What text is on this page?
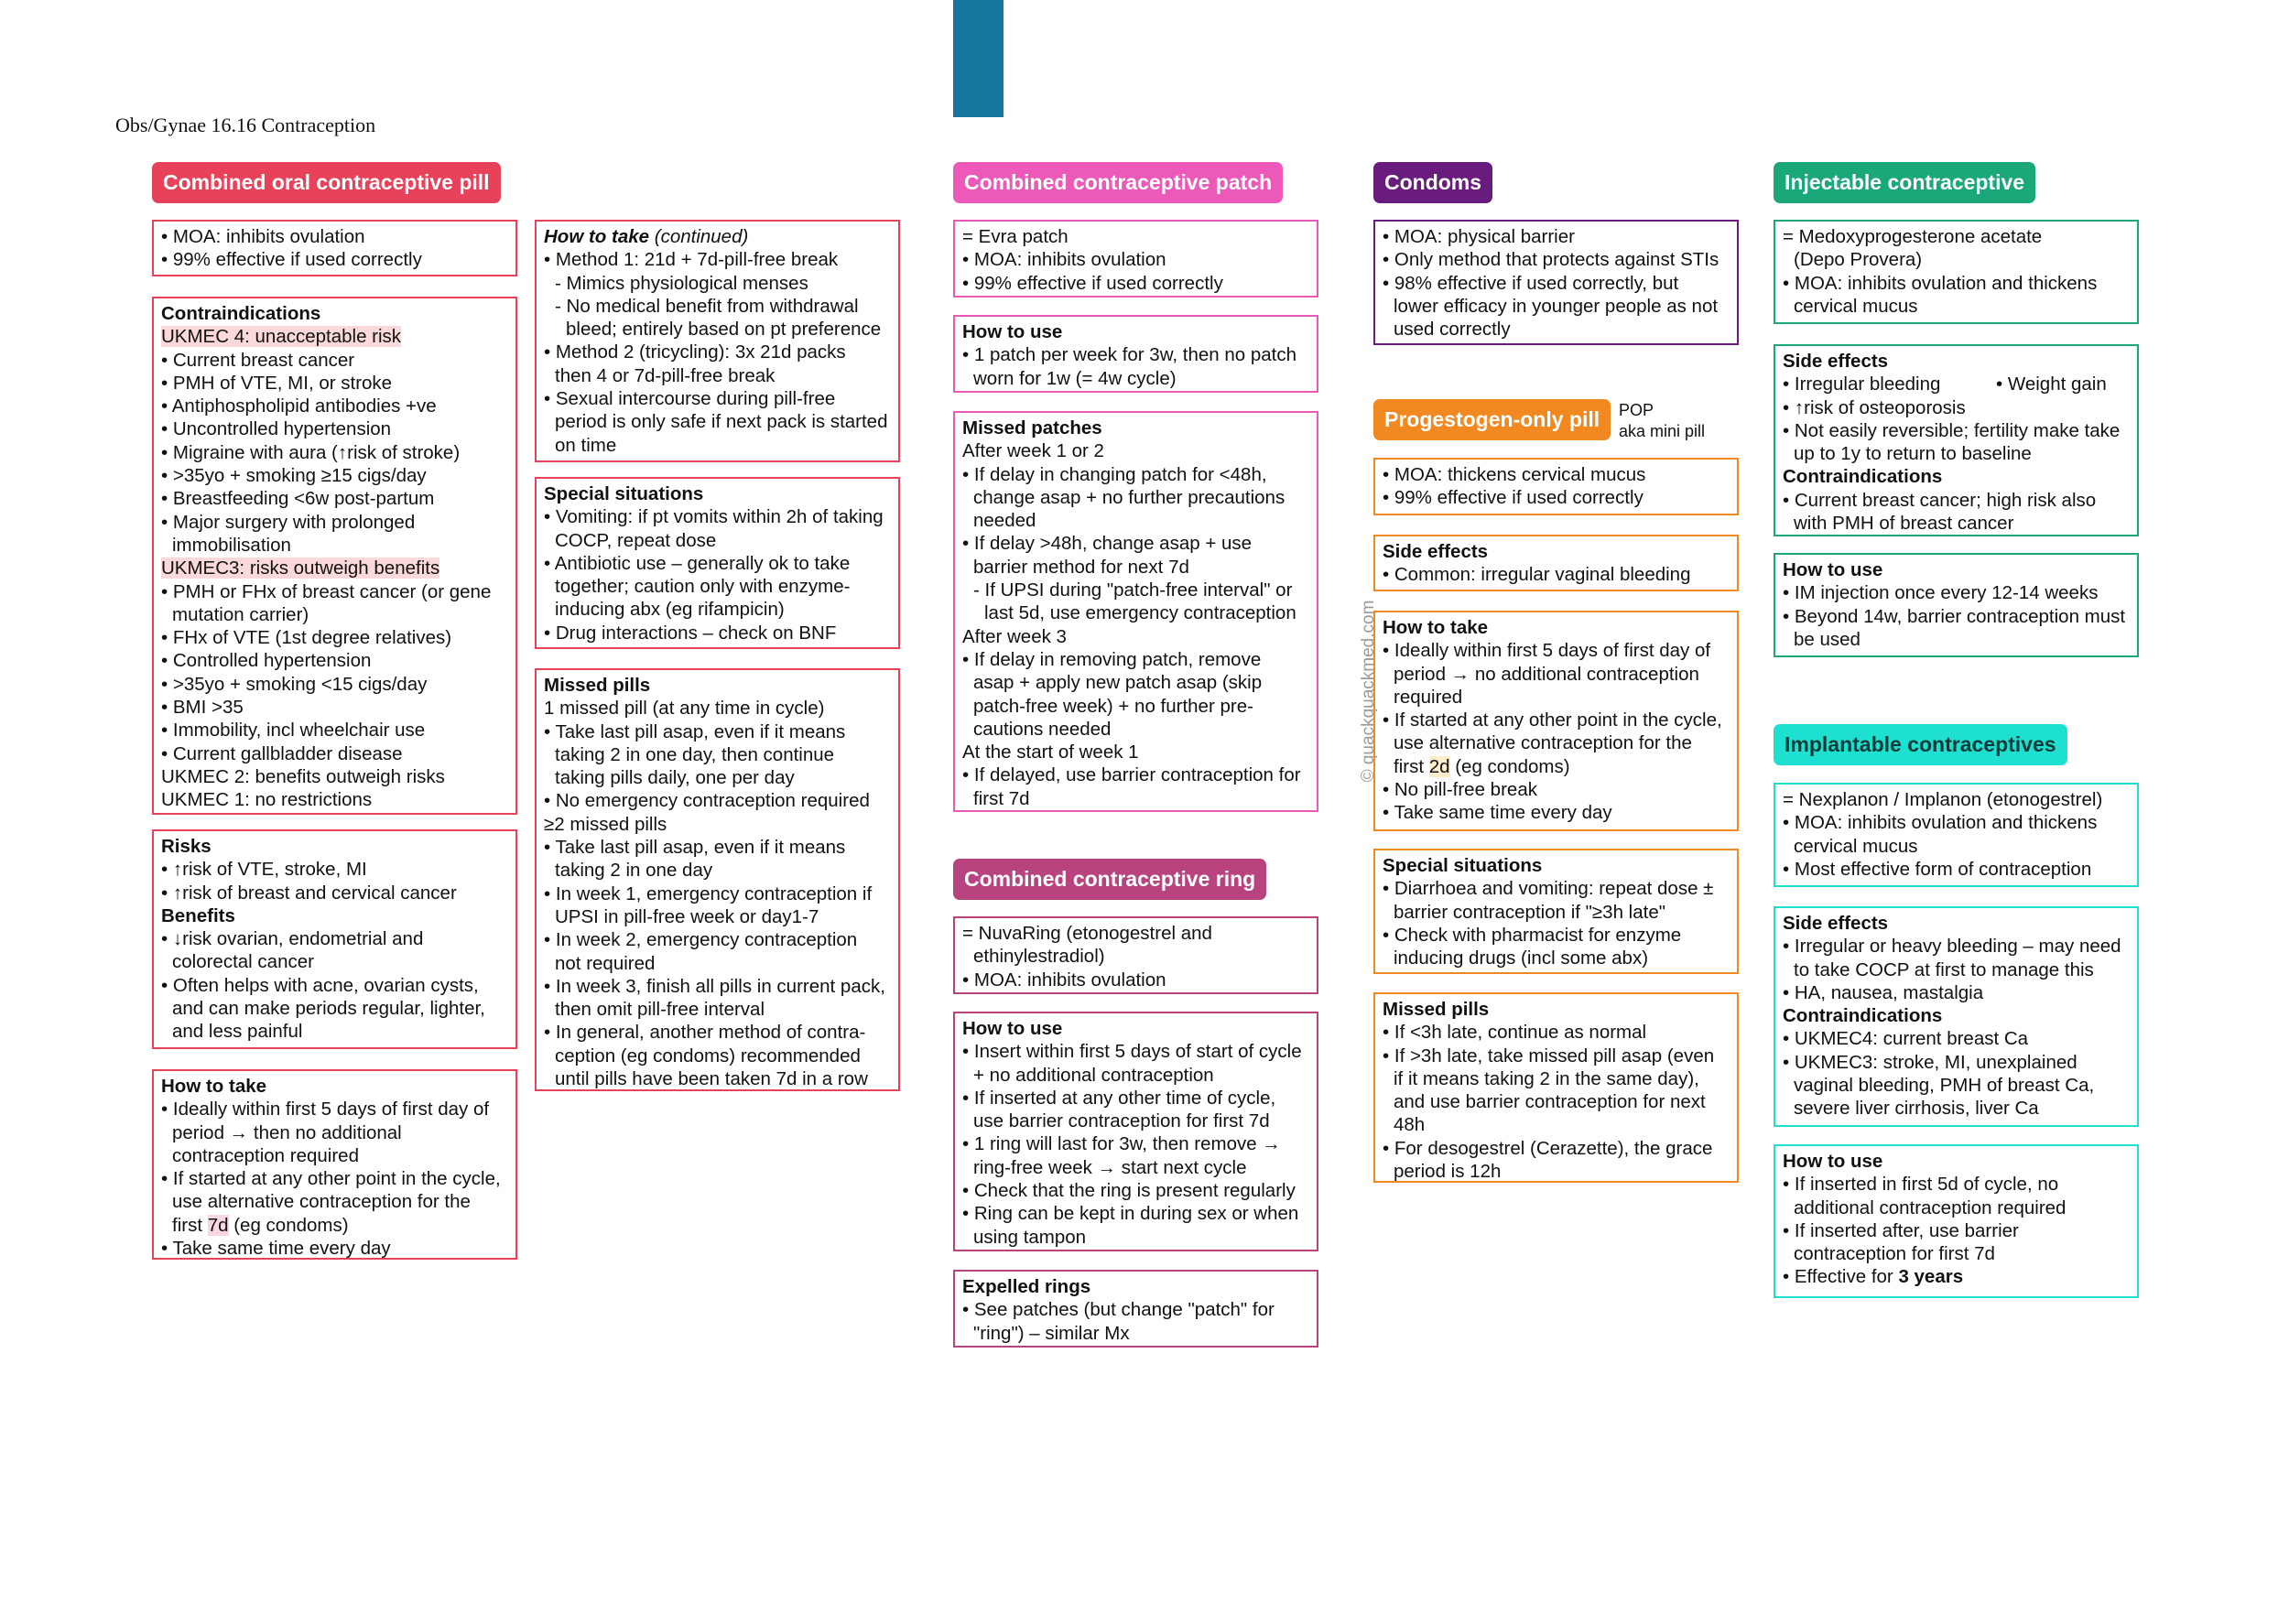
Obs/Gynae 16.16 Contraception
© quackquackmed.com
Combined oral contraceptive pill
• MOA: inhibits ovulation
• 99% effective if used correctly
Contraindications
UKMEC 4: unacceptable risk
• Current breast cancer
• PMH of VTE, MI, or stroke
• Antiphospholipid antibodies +ve
• Uncontrolled hypertension
• Migraine with aura (↑risk of stroke)
• >35yo + smoking ≥15 cigs/day
• Breastfeeding <6w post-partum
• Major surgery with prolonged
immobilisation
UKMEC3: risks outweigh benefits
• PMH or FHx of breast cancer (or gene
mutation carrier)
• FHx of VTE (1st degree relatives)
• Controlled hypertension
• >35yo + smoking <15 cigs/day
• BMI >35
• Immobility, incl wheelchair use
• Current gallbladder disease
UKMEC 2: benefits outweigh risks
UKMEC 1: no restrictions
Risks
• ↑risk of VTE, stroke, MI
• ↑risk of breast and cervical cancer
Benefits
• ↓risk ovarian, endometrial and
colorectal cancer
• Often helps with acne, ovarian cysts,
and can make periods regular, lighter,
and less painful
How to take
• Ideally within first 5 days of first day of
period → then no additional
contraception required
• If started at any other point in the cycle,
use alternative contraception for the
first 7d (eg condoms)
• Take same time every day
How to take (continued)
• Method 1: 21d + 7d-pill-free break
- Mimics physiological menses
- No medical benefit from withdrawal
bleed; entirely based on pt preference
• Method 2 (tricycling): 3x 21d packs
then 4 or 7d-pill-free break
• Sexual intercourse during pill-free
period is only safe if next pack is started
on time
Special situations
• Vomiting: if pt vomits within 2h of taking
COCP, repeat dose
• Antibiotic use – generally ok to take
together; caution only with enzyme-
inducing abx (eg rifampicin)
• Drug interactions – check on BNF
Missed pills
1 missed pill (at any time in cycle)
• Take last pill asap, even if it means
taking 2 in one day, then continue
taking pills daily, one per day
• No emergency contraception required
≥2 missed pills
• Take last pill asap, even if it means
taking 2 in one day
• In week 1, emergency contraception if
UPSI in pill-free week or day1-7
• In week 2, emergency contraception
not required
• In week 3, finish all pills in current pack,
then omit pill-free interval
• In general, another method of contra-
ception (eg condoms) recommended
until pills have been taken 7d in a row
Combined contraceptive patch
= Evra patch
• MOA: inhibits ovulation
• 99% effective if used correctly
How to use
• 1 patch per week for 3w, then no patch
worn for 1w (= 4w cycle)
Missed patches
After week 1 or 2
• If delay in changing patch for <48h,
change asap + no further precautions
needed
• If delay >48h, change asap + use
barrier method for next 7d
- If UPSI during "patch-free interval" or
last 5d, use emergency contraception
After week 3
• If delay in removing patch, remove
asap + apply new patch asap (skip
patch-free week) + no further pre-
cautions needed
At the start of week 1
• If delayed, use barrier contraception for
first 7d
Combined contraceptive ring
= NuvaRing (etonogestrel and
ethinylestradiol)
• MOA: inhibits ovulation
How to use
• Insert within first 5 days of start of cycle
+ no additional contraception
• If inserted at any other time of cycle,
use barrier contraception for first 7d
• 1 ring will last for 3w, then remove →
ring-free week → start next cycle
• Check that the ring is present regularly
• Ring can be kept in during sex or when
using tampon
Expelled rings
• See patches (but change "patch" for
"ring") – similar Mx
Condoms
• MOA: physical barrier
• Only method that protects against STIs
• 98% effective if used correctly, but
lower efficacy in younger people as not
used correctly
Progestogen-only pill	POP
aka mini pill
• MOA: thickens cervical mucus
• 99% effective if used correctly
Side effects
• Common: irregular vaginal bleeding
How to take
• Ideally within first 5 days of first day of
period → no additional contraception
required
• If started at any other point in the cycle,
use alternative contraception for the
first 2d (eg condoms)
• No pill-free break
• Take same time every day
Special situations
• Diarrhoea and vomiting: repeat dose ±
barrier contraception if "≥3h late"
• Check with pharmacist for enzyme
inducing drugs (incl some abx)
Missed pills
• If <3h late, continue as normal
• If >3h late, take missed pill asap (even
if it means taking 2 in the same day),
and use barrier contraception for next
48h
• For desogestrel (Cerazette), the grace
period is 12h
Injectable contraceptive
= Medoxyprogesterone acetate
(Depo Provera)
• MOA: inhibits ovulation and thickens
cervical mucus
Side effects
• Irregular bleeding	• Weight gain
• ↑risk of osteoporosis
• Not easily reversible; fertility make take
up to 1y to return to baseline
Contraindications
• Current breast cancer; high risk also
with PMH of breast cancer
How to use
• IM injection once every 12-14 weeks
• Beyond 14w, barrier contraception must
be used
Implantable contraceptives
= Nexplanon / Implanon (etonogestrel)
• MOA: inhibits ovulation and thickens
cervical mucus
• Most effective form of contraception
Side effects
• Irregular or heavy bleeding – may need
to take COCP at first to manage this
• HA, nausea, mastalgia
Contraindications
• UKMEC4: current breast Ca
• UKMEC3: stroke, MI, unexplained
vaginal bleeding, PMH of breast Ca,
severe liver cirrhosis, liver Ca
How to use
• If inserted in first 5d of cycle, no
additional contraception required
• If inserted after, use barrier
contraception for first 7d
• Effective for 3 years
